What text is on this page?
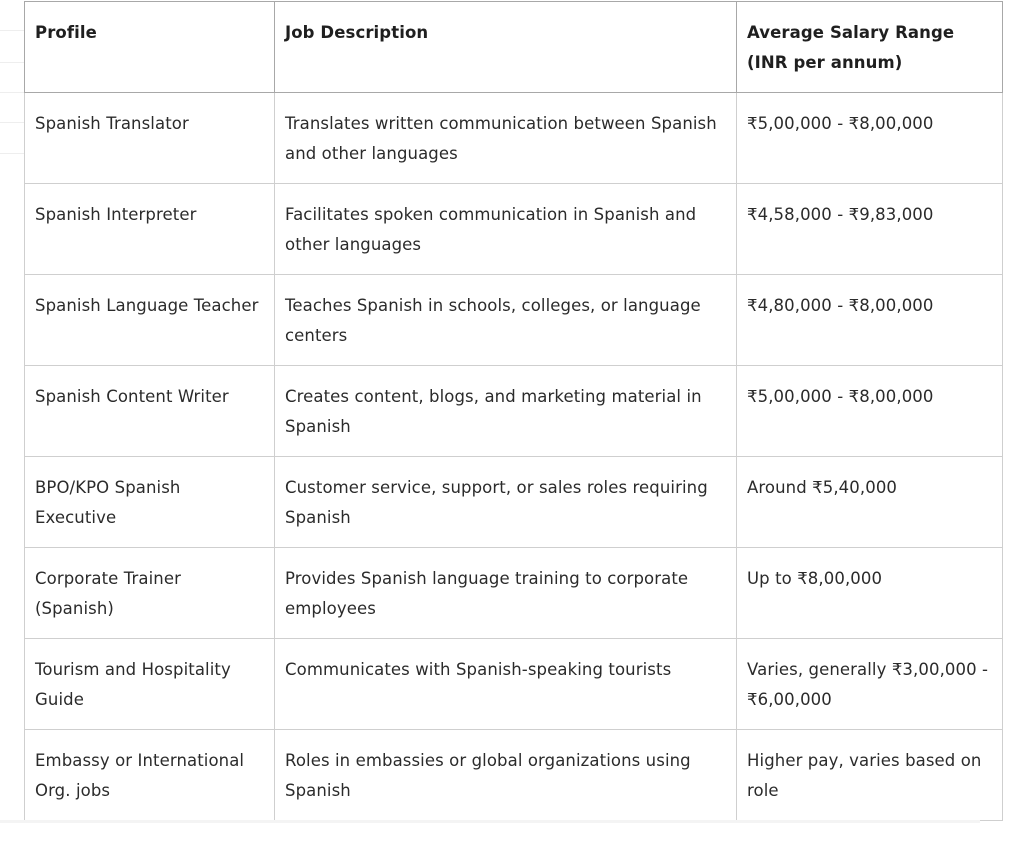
Profile	Job Description	Average Salary Range (INR per annum)
Spanish Translator	Translates written communication between Spanish and other languages	₹5,00,000 - ₹8,00,000
Spanish Interpreter	Facilitates spoken communication in Spanish and other languages	₹4,58,000 - ₹9,83,000
Spanish Language Teacher	Teaches Spanish in schools, colleges, or language centers	₹4,80,000 - ₹8,00,000
Spanish Content Writer	Creates content, blogs, and marketing material in Spanish	₹5,00,000 - ₹8,00,000
BPO/KPO Spanish Executive	Customer service, support, or sales roles requiring Spanish	Around ₹5,40,000
Corporate Trainer (Spanish)	Provides Spanish language training to corporate employees	Up to ₹8,00,000
Tourism and Hospitality Guide	Communicates with Spanish-speaking tourists	Varies, generally ₹3,00,000 - ₹6,00,000
Embassy or International Org. jobs	Roles in embassies or global organizations using Spanish	Higher pay, varies based on role
